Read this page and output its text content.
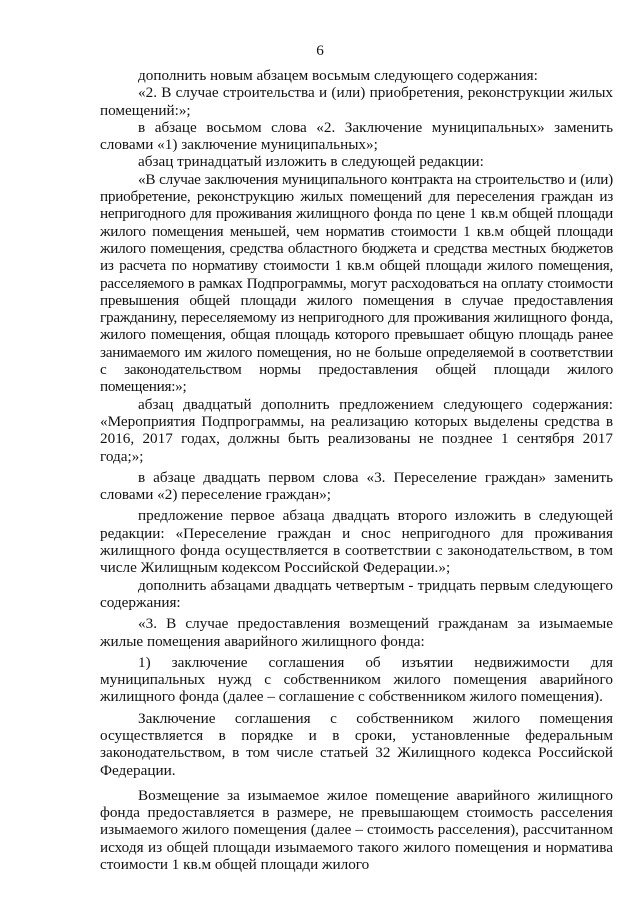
6

дополнить новым абзацем восьмым следующего содержания:

«2. В случае строительства и (или) приобретения, реконструкции жилых помещений:»;

в абзаце восьмом слова «2. Заключение муниципальных» заменить словами «1) заключение муниципальных»;

абзац тринадцатый изложить в следующей редакции:

«В случае заключения муниципального контракта на строительство и (или) приобретение, реконструкцию жилых помещений для переселения граждан из непригодного для проживания жилищного фонда по цене 1 кв.м общей площади жилого помещения меньшей, чем норматив стоимости 1 кв.м общей площади жилого помещения, средства областного бюджета и средства местных бюджетов из расчета по нормативу стоимости 1 кв.м общей площади жилого помещения, расселяемого в рамках Подпрограммы, могут расходоваться на оплату стоимости превышения общей площади жилого помещения в случае предоставления гражданину, переселяемому из непригодного для проживания жилищного фонда, жилого помещения, общая площадь которого превышает общую площадь ранее занимаемого им жилого помещения, но не больше определяемой в соответствии с законодательством нормы предоставления общей площади жилого помещения:»;

абзац двадцатый дополнить предложением следующего содержания: «Мероприятия Подпрограммы, на реализацию которых выделены средства в 2016, 2017 годах, должны быть реализованы не позднее 1 сентября 2017 года;»;

в абзаце двадцать первом слова «3. Переселение граждан» заменить словами «2) переселение граждан»;

предложение первое абзаца двадцать второго изложить в следующей редакции: «Переселение граждан и снос непригодного для проживания жилищного фонда осуществляется в соответствии с законодательством, в том числе Жилищным кодексом Российской Федерации.»;

дополнить абзацами двадцать четвертым - тридцать первым следующего содержания:

«3. В случае предоставления возмещений гражданам за изымаемые жилые помещения аварийного жилищного фонда:

1) заключение соглашения об изъятии недвижимости для муниципальных нужд с собственником жилого помещения аварийного жилищного фонда (далее – соглашение с собственником жилого помещения).

Заключение соглашения с собственником жилого помещения осуществляется в порядке и в сроки, установленные федеральным законодательством, в том числе статьей 32 Жилищного кодекса Российской Федерации.

Возмещение за изымаемое жилое помещение аварийного жилищного фонда предоставляется в размере, не превышающем стоимость расселения изымаемого жилого помещения (далее – стоимость расселения), рассчитанном исходя из общей площади изымаемого такого жилого помещения и норматива стоимости 1 кв.м общей площади жилого
